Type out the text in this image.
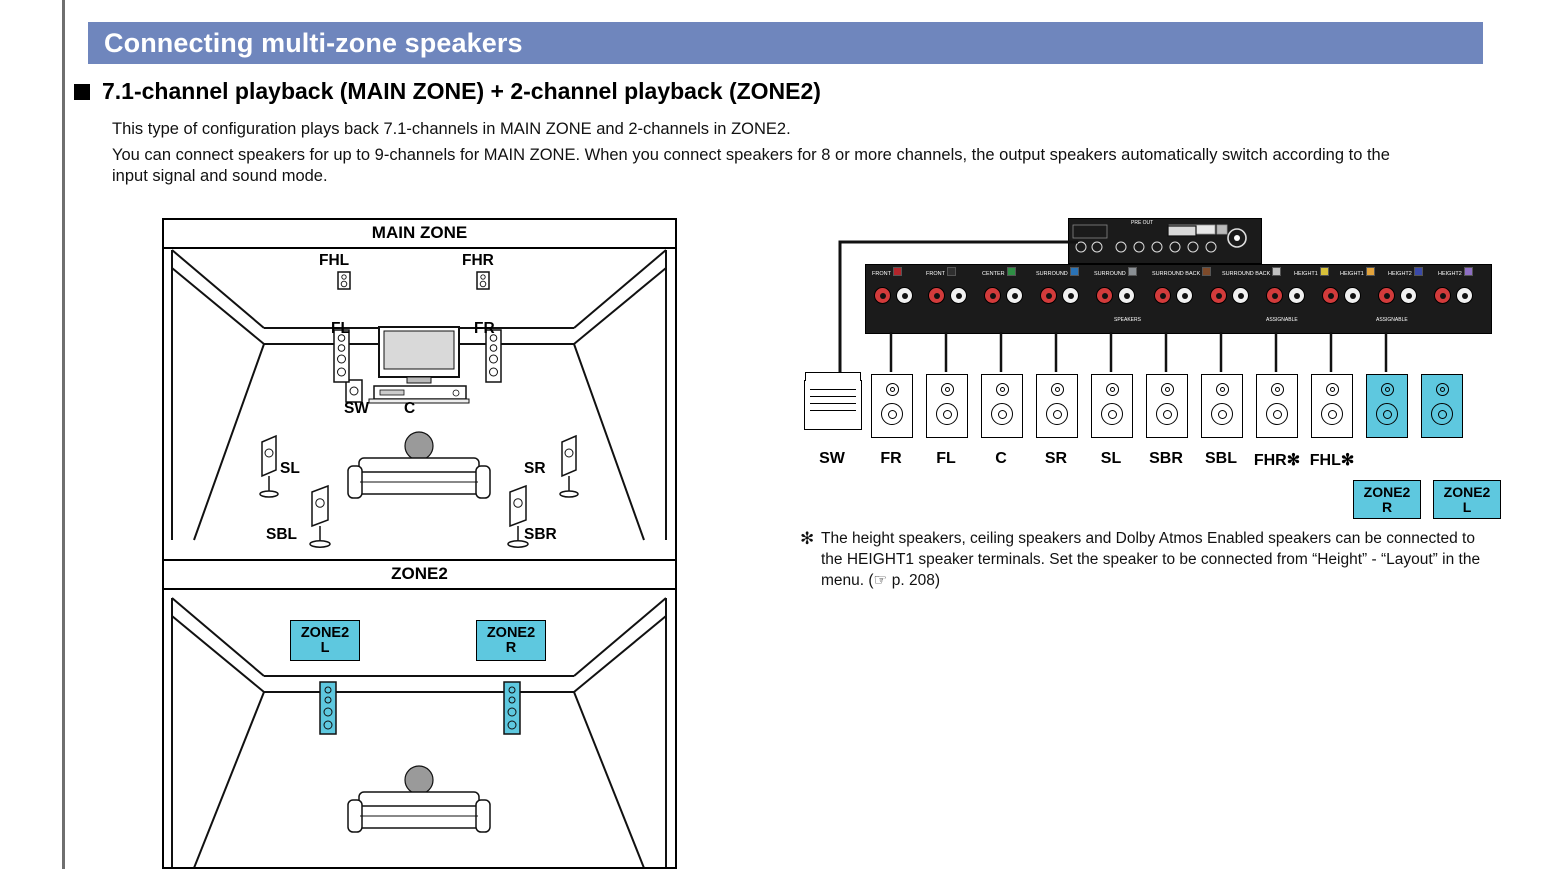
Connecting multi-zone speakers
7.1-channel playback (MAIN ZONE) + 2-channel playback (ZONE2)
This type of configuration plays back 7.1-channels in MAIN ZONE and 2-channels in ZONE2.
You can connect speakers for up to 9-channels for MAIN ZONE. When you connect speakers for 8 or more channels, the output speakers automatically switch according to the input signal and sound mode.
MAIN ZONE
ZONE2
FHL	FHR
FL	FR
SW C
SL	SR
SBL	SBR
ZONE2
L
ZONE2
R
PRE OUT
FRONT	FRONT	CENTER	SURROUND	SURROUND	SURROUND BACK	SURROUND BACK	HEIGHT1	HEIGHT1	HEIGHT2	HEIGHT2
SPEAKERS	ASSIGNABLE	ASSIGNABLE
SW	FR	FL	C	SR	SL	SBR	SBL	FHR✻ FHL✻
ZONE2
R
ZONE2
L
✻ The height speakers, ceiling speakers and Dolby Atmos Enabled speakers can be connected to the HEIGHT1 speaker terminals. Set the speaker to be connected from “Height” - “Layout” in the menu. (☞ p. 208)
